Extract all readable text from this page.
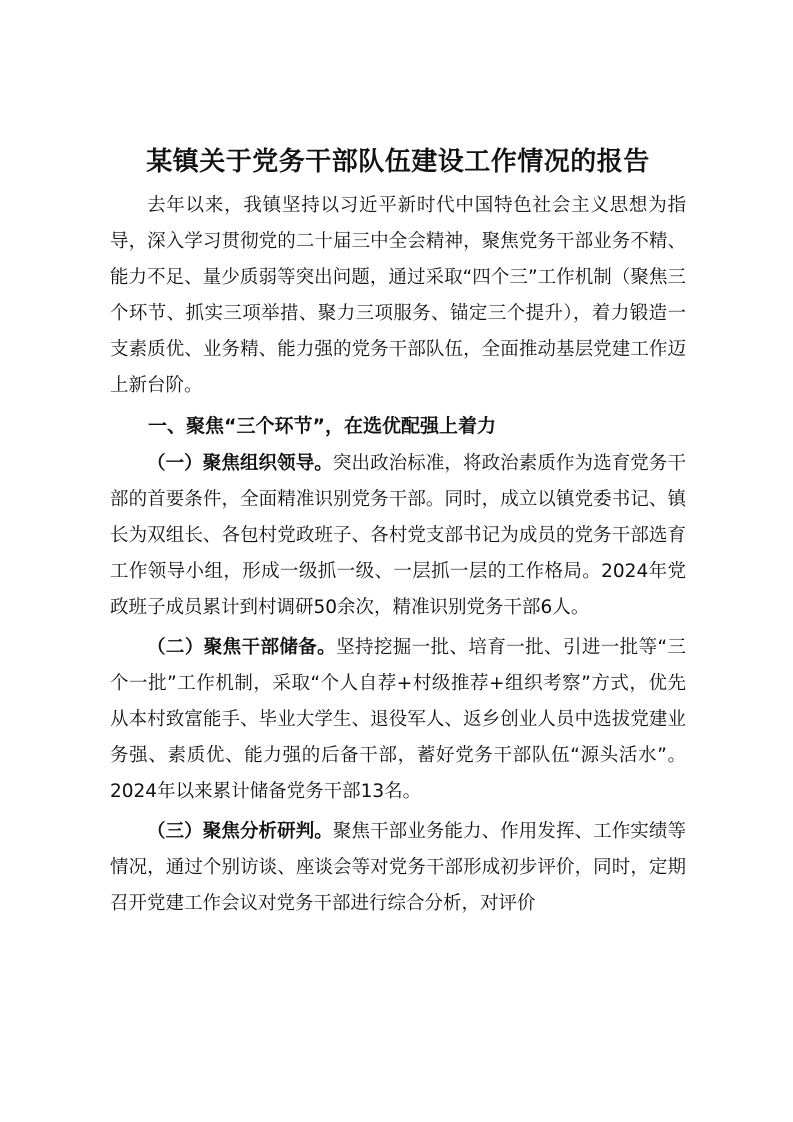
某镇关于党务干部队伍建设工作情况的报告

去年以来，我镇坚持以习近平新时代中国特色社会主义思想为指导，深入学习贯彻党的二十届三中全会精神，聚焦党务干部业务不精、能力不足、量少质弱等突出问题，通过采取“四个三”工作机制（聚焦三个环节、抓实三项举措、聚力三项服务、锚定三个提升），着力锻造一支素质优、业务精、能力强的党务干部队伍，全面推动基层党建工作迈上新台阶。

一、聚焦“三个环节”，在选优配强上着力

（一）聚焦组织领导。突出政治标准，将政治素质作为选育党务干部的首要条件，全面精准识别党务干部。同时，成立以镇党委书记、镇长为双组长、各包村党政班子、各村党支部书记为成员的党务干部选育工作领导小组，形成一级抓一级、一层抓一层的工作格局。2024年党政班子成员累计到村调研50余次，精准识别党务干部6人。

（二）聚焦干部储备。坚持挖掘一批、培育一批、引进一批等“三个一批”工作机制，采取“个人自荐+村级推荐+组织考察”方式，优先从本村致富能手、毕业大学生、退役军人、返乡创业人员中选拔党建业务强、素质优、能力强的后备干部，蓄好党务干部队伍“源头活水”。2024年以来累计储备党务干部13名。

（三）聚焦分析研判。聚焦干部业务能力、作用发挥、工作实绩等情况，通过个别访谈、座谈会等对党务干部形成初步评价，同时，定期召开党建工作会议对党务干部进行综合分析，对评价
